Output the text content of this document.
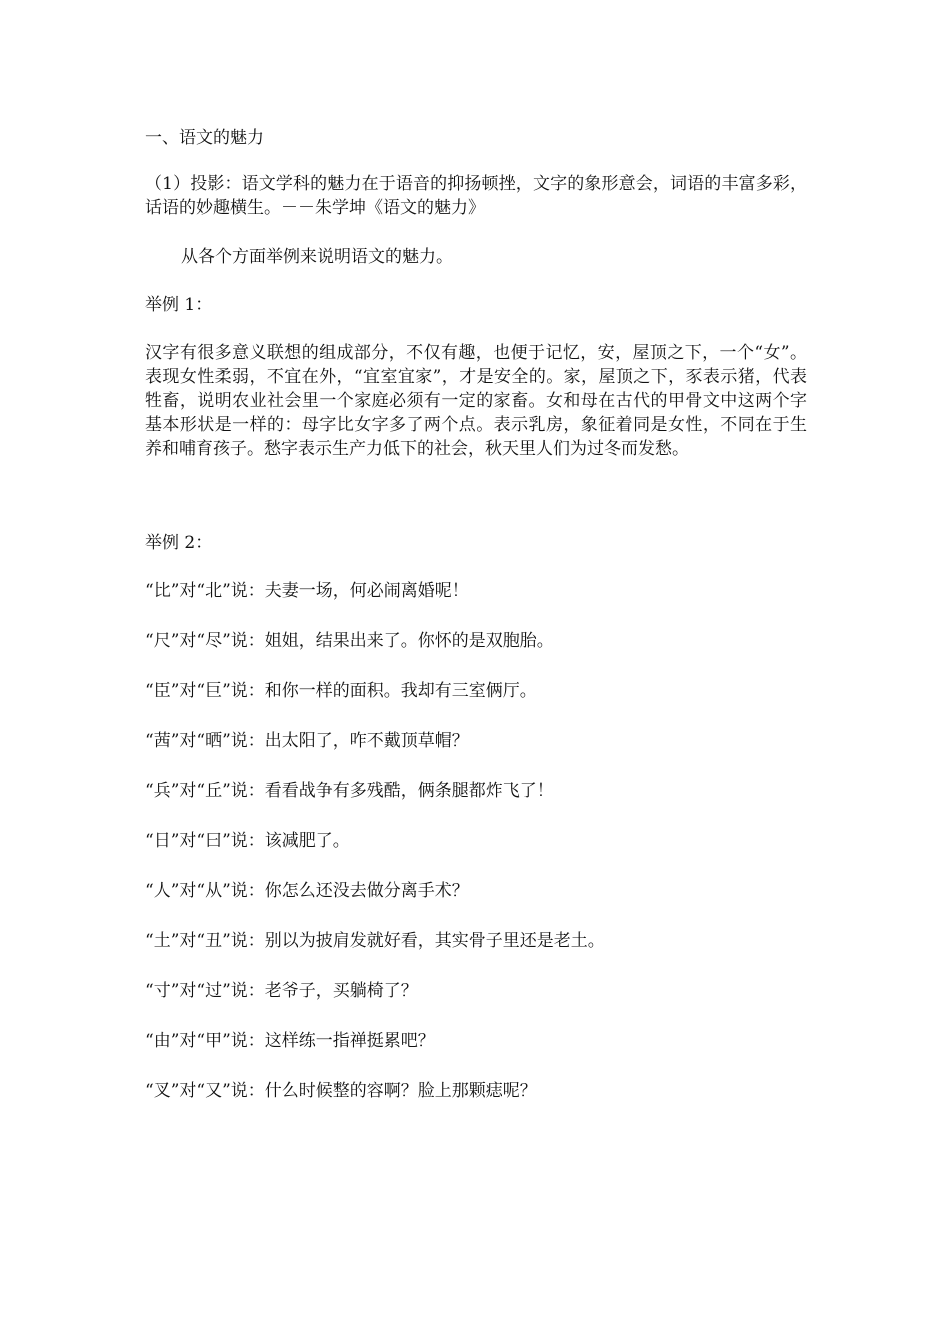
一、语文的魅力

（1）投影：语文学科的魅力在于语音的抑扬顿挫，文字的象形意会，词语的丰富多彩，话语的妙趣横生。－－朱学坤《语文的魅力》

从各个方面举例来说明语文的魅力。

举例 1：

汉字有很多意义联想的组成部分，不仅有趣，也便于记忆，安，屋顶之下，一个“女”。表现女性柔弱，不宜在外，“宜室宜家”，才是安全的。家，屋顶之下，豕表示猪，代表牲畜，说明农业社会里一个家庭必须有一定的家畜。女和母在古代的甲骨文中这两个字基本形状是一样的：母字比女字多了两个点。表示乳房，象征着同是女性，不同在于生养和哺育孩子。愁字表示生产力低下的社会，秋天里人们为过冬而发愁。

举例 2：

“比”对“北”说：夫妻一场，何必闹离婚呢！

“尺”对“尽”说：姐姐，结果出来了。你怀的是双胞胎。

“臣”对“巨”说：和你一样的面积。我却有三室俩厅。

“茜”对“晒”说：出太阳了，咋不戴顶草帽？

“兵”对“丘”说：看看战争有多残酷，俩条腿都炸飞了！

“日”对“曰”说：该减肥了。

“人”对“从”说：你怎么还没去做分离手术？

“土”对“丑”说：别以为披肩发就好看，其实骨子里还是老土。

“寸”对“过”说：老爷子，买躺椅了？

“由”对“甲”说：这样练一指禅挺累吧？

“叉”对“又”说：什么时候整的容啊？脸上那颗痣呢？
